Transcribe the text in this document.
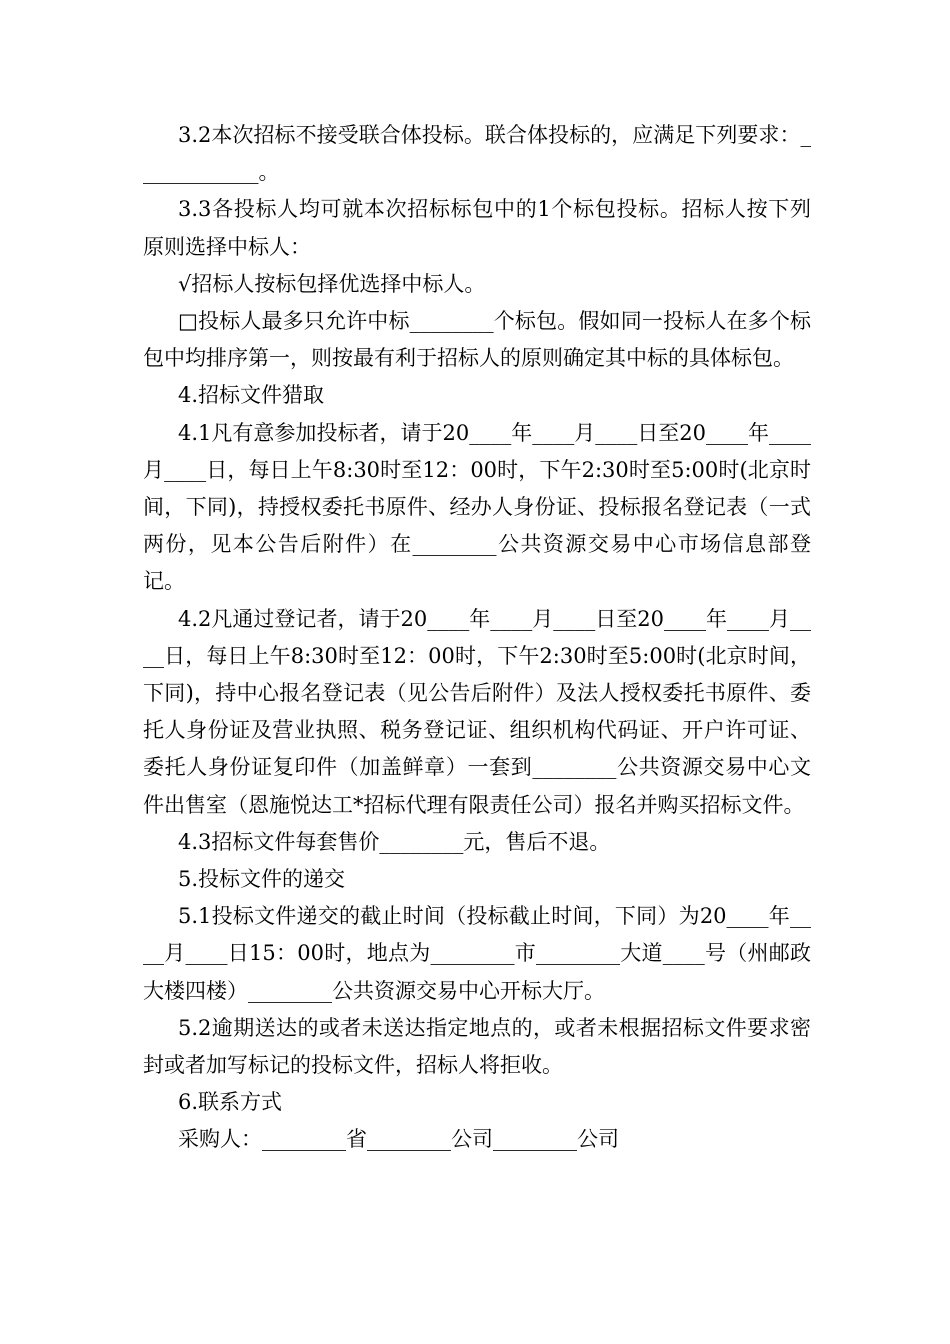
3.2本次招标不接受联合体投标。联合体投标的，应满足下列要求：____________。

3.3各投标人均可就本次招标标包中的1个标包投标。招标人按下列原则选择中标人：

√招标人按标包择优选择中标人。

□投标人最多只允许中标________个标包。假如同一投标人在多个标包中均排序第一，则按最有利于招标人的原则确定其中标的具体标包。

4.招标文件猎取

4.1凡有意参加投标者，请于20____年____月____日至20____年____月____日，每日上午8:30时至12：00时，下午2:30时至5:00时(北京时间，下同)，持授权委托书原件、经办人身份证、投标报名登记表（一式两份，见本公告后附件）在________公共资源交易中心市场信息部登记。

4.2凡通过登记者，请于20____年____月____日至20____年____月____日，每日上午8:30时至12：00时，下午2:30时至5:00时(北京时间，下同)，持中心报名登记表（见公告后附件）及法人授权委托书原件、委托人身份证及营业执照、税务登记证、组织机构代码证、开户许可证、委托人身份证复印件（加盖鲜章）一套到________公共资源交易中心文件出售室（恩施悦达工*招标代理有限责任公司）报名并购买招标文件。

4.3招标文件每套售价________元，售后不退。

5.投标文件的递交

5.1投标文件递交的截止时间（投标截止时间，下同）为20____年____月____日15：00时，地点为________市________大道____号（州邮政大楼四楼）________公共资源交易中心开标大厅。

5.2逾期送达的或者未送达指定地点的，或者未根据招标文件要求密封或者加写标记的投标文件，招标人将拒收。

6.联系方式

采购人：________省________公司________公司
